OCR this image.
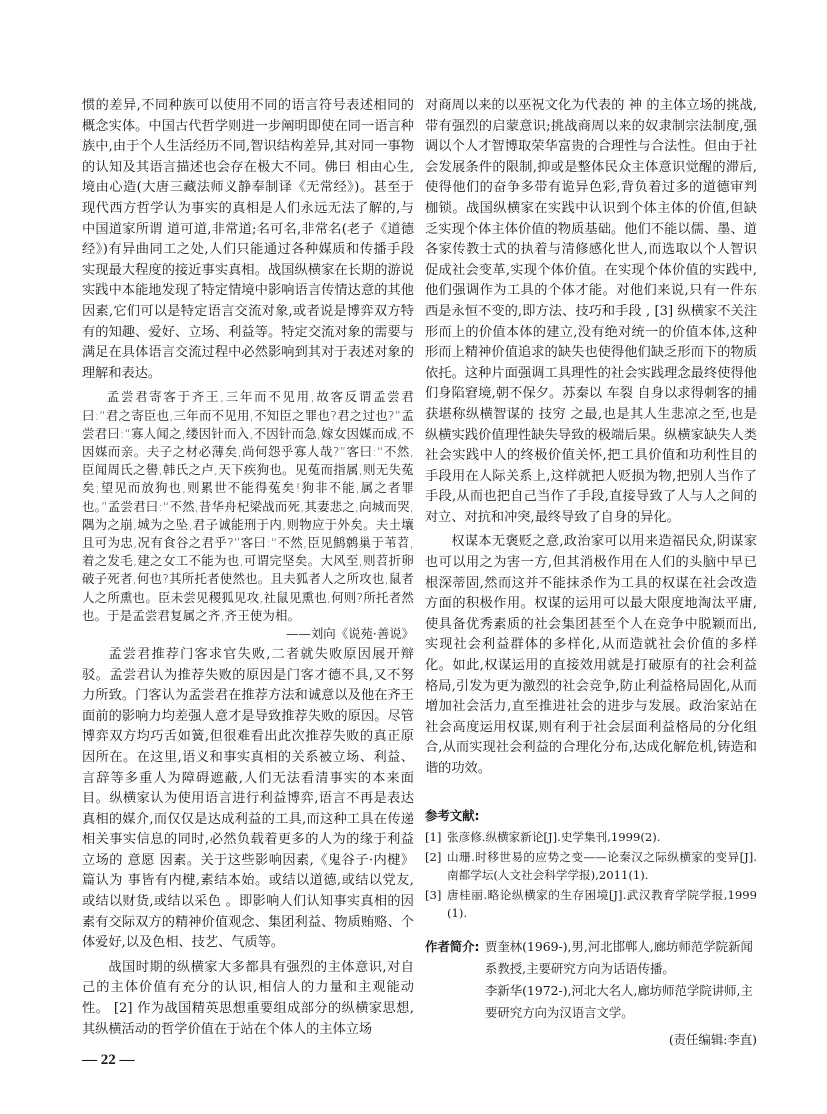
惯的差异,不同种族可以使用不同的语言符号表述相同的概念实体。中国古代哲学则进一步阐明即使在同一语言种族中,由于个人生活经历不同,智识结构差异,其对同一事物的认知及其语言描述也会存在极大不同。佛曰 相由心生,境由心造(大唐三藏法师义静奉制译《无常经》)。甚至于现代西方哲学认为事实的真相是人们永远无法了解的,与中国道家所谓 道可道,非常道;名可名,非常名(老子《道德经》)有异曲同工之处,人们只能通过各种媒质和传播手段实现最大程度的接近事实真相。战国纵横家在长期的游说实践中本能地发现了特定情境中影响语言传情达意的其他因素,它们可以是特定语言交流对象,或者说是博弈双方特有的知趣、爱好、立场、利益等。特定交流对象的需要与满足在具体语言交流过程中必然影响到其对于表述对象的理解和表达。

孟尝君寄客于齐王,三年而不见用,故客反谓孟尝君曰:“君之寄臣也,三年而不见用,不知臣之罪也?君之过也?”孟尝君曰:“寡人闻之,缕因针而入,不因针而急,嫁女因媒而成,不因媒而亲。夫子之材必薄矣,尚何怨乎寡人哉?”客曰:“不然,臣闻周氏之嚳,韩氏之卢,天下疾狗也。见菟而指属,则无失菟矣;望见而放狗也,则累世不能得菟矣!狗非不能,属之者罪也。”孟尝君曰:“不然,昔华舟杞梁战而死,其妻悲之,向城而哭,隅为之崩,城为之坠,君子诚能刑于内,则物应于外矣。夫土壤且可为忠,况有食谷之君乎?”客曰:“不然,臣见鹪鹩巢于苇苕,着之发毛,建之女工不能为也,可谓完坚矣。大风至,则苕折卵破子死者,何也?其所托者使然也。且夫狐者人之所攻也,鼠者人之所熏也。臣未尝见稷狐见攻,社鼠见熏也,何则?所托者然也。于是孟尝君复属之齐,齐王使为相。

——刘向《说苑·善说》

孟尝君推荐门客求官失败,二者就失败原因展开辩驳。孟尝君认为推荐失败的原因是门客才德不具,又不努力所致。门客认为孟尝君在推荐方法和诚意以及他在齐王面前的影响力均差强人意才是导致推荐失败的原因。尽管博弈双方均巧舌如簧,但很难看出此次推荐失败的真正原因所在。在这里,语义和事实真相的关系被立场、利益、言辞等多重人为障碍遮蔽,人们无法看清事实的本来面目。纵横家认为使用语言进行利益博弈,语言不再是表达真相的媒介,而仅仅是达成利益的工具,而这种工具在传递相关事实信息的同时,必然负载着更多的人为的缘于利益立场的 意愿 因素。关于这些影响因素,《鬼谷子·内楗》篇认为 事皆有内楗,素结本始。或结以道德,或结以党友,或结以财货,或结以采色 。即影响人们认知事实真相的因素有交际双方的精神价值观念、集团利益、物质贿赂、个体爱好,以及色相、技艺、气质等。

战国时期的纵横家大多都具有强烈的主体意识,对自己的主体价值有充分的认识,相信人的力量和主观能动性。 [2] 作为战国精英思想重要组成部分的纵横家思想,其纵横活动的哲学价值在于站在个体人的主体立场

对商周以来的以巫祝文化为代表的 神 的主体立场的挑战,带有强烈的启蒙意识;挑战商周以来的奴隶制宗法制度,强调以个人才智博取荣华富贵的合理性与合法性。但由于社会发展条件的限制,抑或是整体民众主体意识觉醒的滞后,使得他们的奋争多带有诡异色彩,背负着过多的道德审判枷锁。战国纵横家在实践中认识到个体主体的价值,但缺乏实现个体主体价值的物质基础。他们不能以儒、墨、道各家传教士式的执着与清修感化世人,而选取以个人智识促成社会变革,实现个体价值。在实现个体价值的实践中,他们强调作为工具的个体才能。对他们来说,只有一件东西是永恒不变的,即方法、技巧和手段 , [3] 纵横家不关注形而上的价值本体的建立,没有绝对统一的价值本体,这种形而上精神价值追求的缺失也使得他们缺乏形而下的物质依托。这种片面强调工具理性的社会实践理念最终使得他们身陷窘境,朝不保夕。苏秦以 车裂 自身以求得刺客的捕获堪称纵横智谋的 技穷 之最,也是其人生悲凉之至,也是纵横实践价值理性缺失导致的极端后果。纵横家缺失人类社会实践中人的终极价值关怀,把工具价值和功利性目的手段用在人际关系上,这样就把人贬损为物,把别人当作了手段,从而也把自己当作了手段,直接导致了人与人之间的对立、对抗和冲突,最终导致了自身的异化。

权谋本无褒贬之意,政治家可以用来造福民众,阴谋家也可以用之为害一方,但其消极作用在人们的头脑中早已根深蒂固,然而这并不能抹杀作为工具的权谋在社会改造方面的积极作用。权谋的运用可以最大限度地淘汰平庸,使具备优秀素质的社会集团甚至个人在竞争中脱颖而出,实现社会利益群体的多样化,从而造就社会价值的多样化。如此,权谋运用的直接效用就是打破原有的社会利益格局,引发为更为激烈的社会竞争,防止利益格局固化,从而增加社会活力,直至推进社会的进步与发展。政治家站在社会高度运用权谋,则有利于社会层面利益格局的分化组合,从而实现社会利益的合理化分布,达成化解危机,铸造和谐的功效。

参考文献:

[1] 张彦修.纵横家新论[J].史学集刊,1999(2).
[2] 山珊.时移世易的应势之变——论秦汉之际纵横家的变异[J].南都学坛(人文社会科学学报),2011(1).
[3] 唐桂丽.略论纵横家的生存困境[J].武汉教育学院学报,1999(1).
作者简介: 贾奎林(1969-),男,河北邯郸人,廊坊师范学院新闻系教授,主要研究方向为话语传播。

李新华(1972-),河北大名人,廊坊师范学院讲师,主要研究方向为汉语言文学。

(责任编辑:李直)
— 22 —
